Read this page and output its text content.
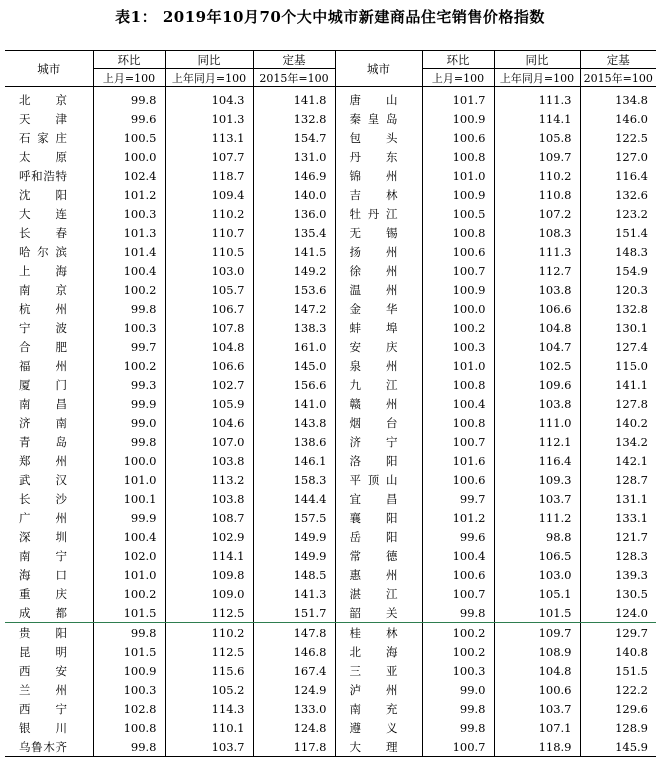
表1： 2019年10月70个大中城市新建商品住宅销售价格指数
城市	环比	同比	定基	城市	环比	同比	定基
	上月=100	上年同月=100	2015年=100		上月=100	上年同月=100	2015年=100
北京	99.8	104.3	141.8	唐山	101.7	111.3	134.8
天津	99.6	101.3	132.8	秦皇岛	100.9	114.1	146.0
石家庄	100.5	113.1	154.7	包头	100.6	105.8	122.5
太原	100.0	107.7	131.0	丹东	100.8	109.7	127.0
呼和浩特	102.4	118.7	146.9	锦州	101.0	110.2	116.4
沈阳	101.2	109.4	140.0	吉林	100.9	110.8	132.6
大连	100.3	110.2	136.0	牡丹江	100.5	107.2	123.2
长春	101.3	110.7	135.4	无锡	100.8	108.3	151.4
哈尔滨	101.4	110.5	141.5	扬州	100.6	111.3	148.3
上海	100.4	103.0	149.2	徐州	100.7	112.7	154.9
南京	100.2	105.7	153.6	温州	100.9	103.8	120.3
杭州	99.8	106.7	147.2	金华	100.0	106.6	132.8
宁波	100.3	107.8	138.3	蚌埠	100.2	104.8	130.1
合肥	99.7	104.8	161.0	安庆	100.3	104.7	127.4
福州	100.2	106.6	145.0	泉州	101.0	102.5	115.0
厦门	99.3	102.7	156.6	九江	100.8	109.6	141.1
南昌	99.9	105.9	141.0	赣州	100.4	103.8	127.8
济南	99.0	104.6	143.8	烟台	100.8	111.0	140.2
青岛	99.8	107.0	138.6	济宁	100.7	112.1	134.2
郑州	100.0	103.8	146.1	洛阳	101.6	116.4	142.1
武汉	101.0	113.2	158.3	平顶山	100.6	109.3	128.7
长沙	100.1	103.8	144.4	宜昌	99.7	103.7	131.1
广州	99.9	108.7	157.5	襄阳	101.2	111.2	133.1
深圳	100.4	102.9	149.9	岳阳	99.6	98.8	121.7
南宁	102.0	114.1	149.9	常德	100.4	106.5	128.3
海口	101.0	109.8	148.5	惠州	100.6	103.0	139.3
重庆	100.2	109.0	141.3	湛江	100.7	105.1	130.5
成都	101.5	112.5	151.7	韶关	99.8	101.5	124.0
贵阳	99.8	110.2	147.8	桂林	100.2	109.7	129.7
昆明	101.5	112.5	146.8	北海	100.2	108.9	140.8
西安	100.9	115.6	167.4	三亚	100.3	104.8	151.5
兰州	100.3	105.2	124.9	泸州	99.0	100.6	122.2
西宁	102.8	114.3	133.0	南充	99.8	103.7	129.6
银川	100.8	110.1	124.8	遵义	99.8	107.1	128.9
乌鲁木齐	99.8	103.7	117.8	大理	100.7	118.9	145.9
